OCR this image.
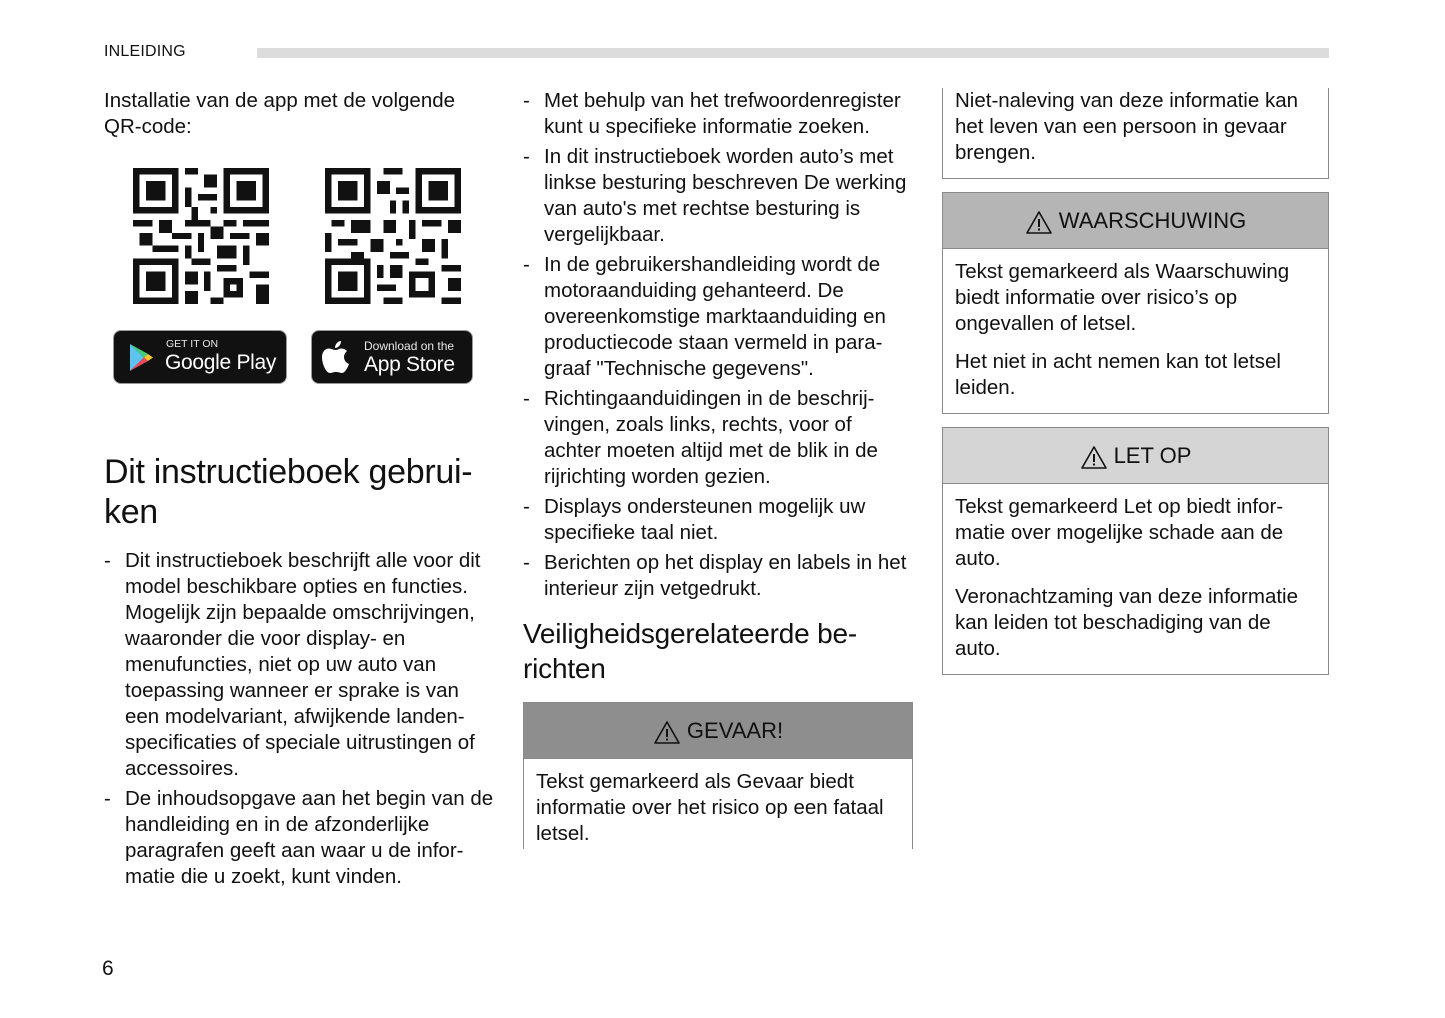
INLEIDING

Installatie van de app met de volgende QR-code:

GET IT ON
Google Play
Download on the
App Store
Dit instructieboek gebruiken
- Dit instructieboek beschrijft alle voor dit model beschikbare opties en functies. Mogelijk zijn bepaalde omschrijvingen, waaronder die voor display- en menufuncties, niet op uw auto van toepassing wanneer er sprake is van een modelvariant, afwijkende landenspecificaties of speciale uitrustingen of accessoires.
- De inhoudsopgave aan het begin van de handleiding en in de afzonderlijke paragrafen geeft aan waar u de informatie die u zoekt, kunt vinden.
- Met behulp van het trefwoordenregister kunt u specifieke informatie zoeken.
- In dit instructieboek worden auto’s met linkse besturing beschreven De werking van auto's met rechtse besturing is vergelijkbaar.
- In de gebruikershandleiding wordt de motoraanduiding gehanteerd. De overeenkomstige marktaanduiding en productiecode staan vermeld in paragraaf "Technische gegevens".
- Richtingaanduidingen in de beschrijvingen, zoals links, rechts, voor of achter moeten altijd met de blik in de rijrichting worden gezien.
- Displays ondersteunen mogelijk uw specifieke taal niet.
- Berichten op het display en labels in het interieur zijn vetgedrukt.
Veiligheidsgerelateerde berichten
GEVAAR!

Tekst gemarkeerd als Gevaar biedt informatie over het risico op een fataal letsel.

Niet-naleving van deze informatie kan het leven van een persoon in gevaar brengen.

WAARSCHUWING

Tekst gemarkeerd als Waarschuwing biedt informatie over risico’s op ongevallen of letsel.

Het niet in acht nemen kan tot letsel leiden.

LET OP

Tekst gemarkeerd Let op biedt informatie over mogelijke schade aan de auto.

Veronachtzaming van deze informatie kan leiden tot beschadiging van de auto.

6
